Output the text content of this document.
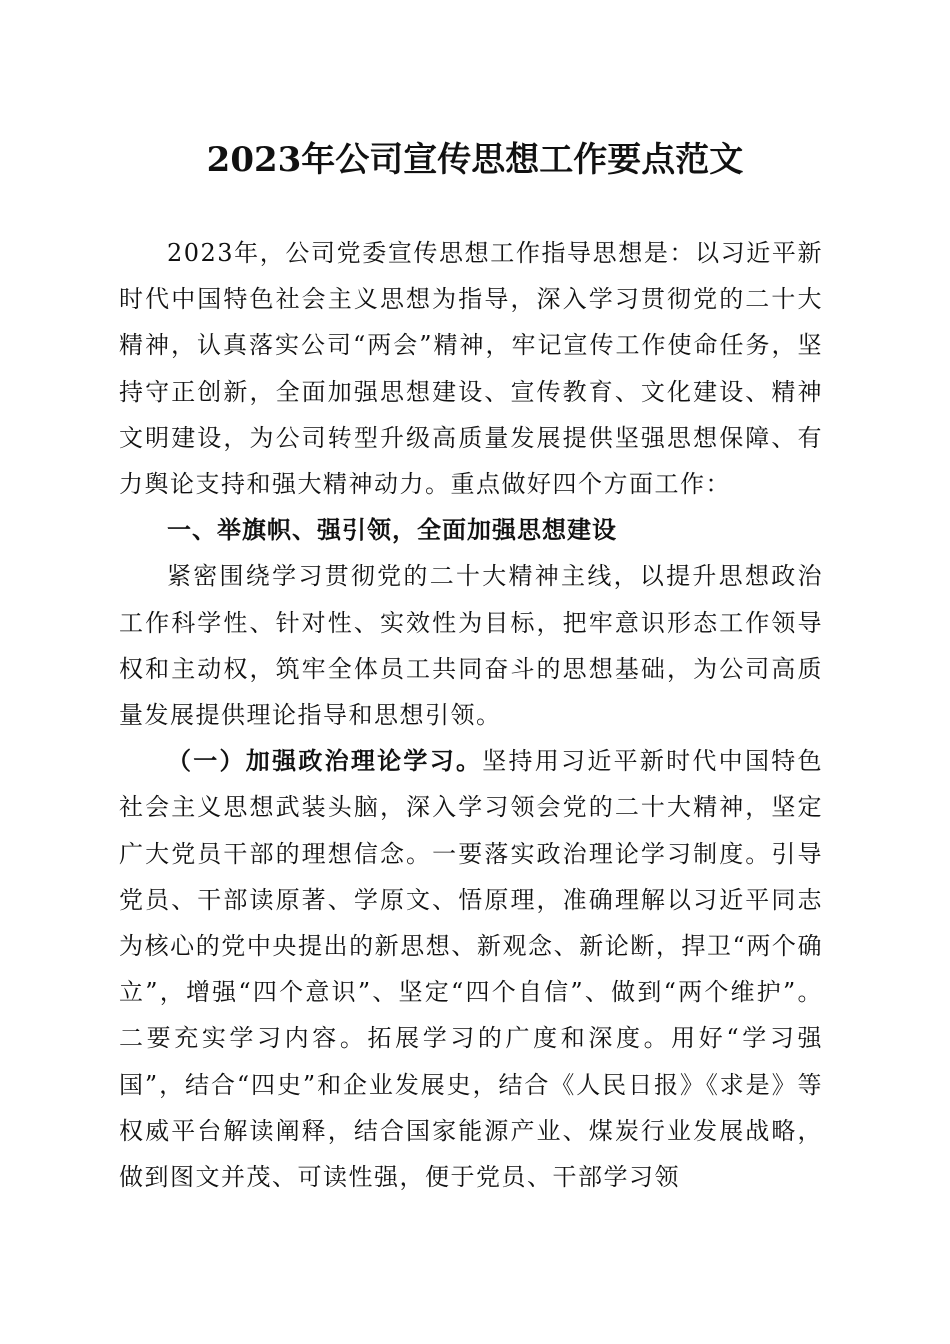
2023年公司宣传思想工作要点范文

2023年，公司党委宣传思想工作指导思想是：以习近平新时代中国特色社会主义思想为指导，深入学习贯彻党的二十大精神，认真落实公司“两会”精神，牢记宣传工作使命任务，坚持守正创新，全面加强思想建设、宣传教育、文化建设、精神文明建设，为公司转型升级高质量发展提供坚强思想保障、有力舆论支持和强大精神动力。重点做好四个方面工作：

一、举旗帜、强引领，全面加强思想建设

紧密围绕学习贯彻党的二十大精神主线，以提升思想政治工作科学性、针对性、实效性为目标，把牢意识形态工作领导权和主动权，筑牢全体员工共同奋斗的思想基础，为公司高质量发展提供理论指导和思想引领。

（一）加强政治理论学习。坚持用习近平新时代中国特色社会主义思想武装头脑，深入学习领会党的二十大精神，坚定广大党员干部的理想信念。一要落实政治理论学习制度。引导党员、干部读原著、学原文、悟原理，准确理解以习近平同志为核心的党中央提出的新思想、新观念、新论断，捍卫“两个确立”，增强“四个意识”、坚定“四个自信”、做到“两个维护”。二要充实学习内容。拓展学习的广度和深度。用好“学习强国”，结合“四史”和企业发展史，结合《人民日报》《求是》等权威平台解读阐释，结合国家能源产业、煤炭行业发展战略，做到图文并茂、可读性强，便于党员、干部学习领
